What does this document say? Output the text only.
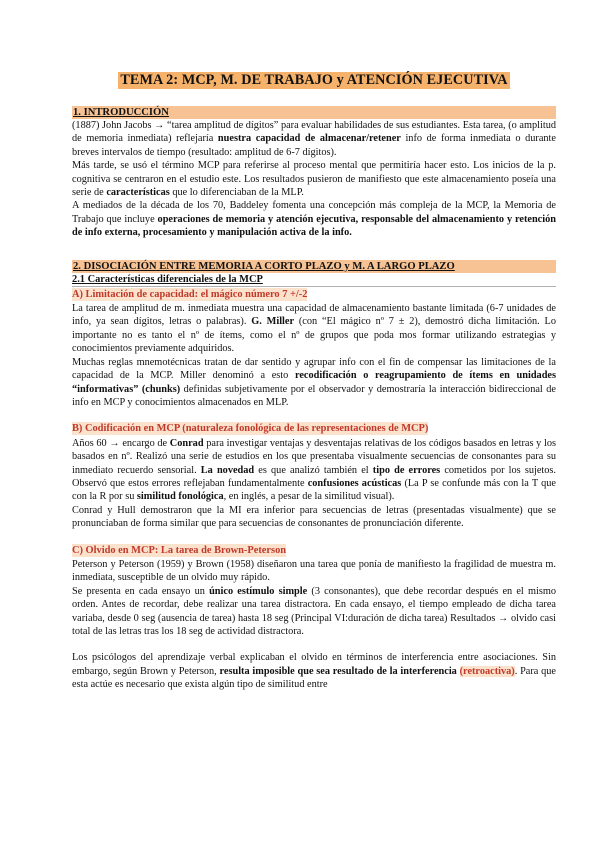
TEMA 2: MCP, M. DE TRABAJO y ATENCIÓN EJECUTIVA
1. INTRODUCCIÓN

(1887) John Jacobs → “tarea amplitud de dígitos” para evaluar habilidades de sus estudiantes. Esta tarea, (o amplitud de memoria inmediata) reflejaría nuestra capacidad de almacenar/retener info de forma inmediata o durante breves intervalos de tiempo (resultado: amplitud de 6-7 dígitos).

Más tarde, se usó el término MCP para referirse al proceso mental que permitiría hacer esto. Los inicios de la p. cognitiva se centraron en el estudio este. Los resultados pusieron de manifiesto que este almacenamiento poseía una serie de características que lo diferenciaban de la MLP.

A mediados de la década de los 70, Baddeley fomenta una concepción más compleja de la MCP, la Memoria de Trabajo que incluye operaciones de memoria y atención ejecutiva, responsable del almacenamiento y retención de info externa, procesamiento y manipulación activa de la info.

2. DISOCIACIÓN ENTRE MEMORIA A CORTO PLAZO y M. A LARGO PLAZO
2.1 Características diferenciales de la MCP
A) Limitación de capacidad: el mágico número 7 +/-2

La tarea de amplitud de m. inmediata muestra una capacidad de almacenamiento bastante limitada (6-7 unidades de info, ya sean dígitos, letras o palabras). G. Miller (con “El mágico nº 7 ± 2), demostró dicha limitación. Lo importante no es tanto el nº de ítems, como el nº de grupos que poda mos formar utilizando estrategias y conocimientos previamente adquiridos.

Muchas reglas mnemotécnicas tratan de dar sentido y agrupar info con el fin de compensar las limitaciones de la capacidad de la MCP. Miller denominó a esto recodificación o reagrupamiento de ítems en unidades “informativas” (chunks) definidas subjetivamente por el observador y demostraría la interacción bidireccional de info en MCP y conocimientos almacenados en MLP.

B) Codificación en MCP (naturaleza fonológica de las representaciones de MCP)

Años 60 → encargo de Conrad para investigar ventajas y desventajas relativas de los códigos basados en letras y los basados en nº. Realizó una serie de estudios en los que presentaba visualmente secuencias de consonantes para su inmediato recuerdo sensorial. La novedad es que analizó también el tipo de errores cometidos por los sujetos. Observó que estos errores reflejaban fundamentalmente confusiones acústicas (La P se confunde más con la T que con la R por su similitud fonológica, en inglés, a pesar de la similitud visual).

Conrad y Hull demostraron que la MI era inferior para secuencias de letras (presentadas visualmente) que se pronunciaban de forma similar que para secuencias de consonantes de pronunciación diferente.

C) Olvido en MCP: La tarea de Brown-Peterson

Peterson y Peterson (1959) y Brown (1958) diseñaron una tarea que ponía de manifiesto la fragilidad de muestra m. inmediata, susceptible de un olvido muy rápido.

Se presenta en cada ensayo un único estímulo simple (3 consonantes), que debe recordar después en el mismo orden. Antes de recordar, debe realizar una tarea distractora. En cada ensayo, el tiempo empleado de dicha tarea variaba, desde 0 seg (ausencia de tarea) hasta 18 seg (Principal VI:duración de dicha tarea) Resultados → olvido casi total de las letras tras los 18 seg de actividad distractora.

Los psicólogos del aprendizaje verbal explicaban el olvido en términos de interferencia entre asociaciones. Sin embargo, según Brown y Peterson, resulta imposible que sea resultado de la interferencia (retroactiva). Para que esta actúe es necesario que exista algún tipo de similitud entre
